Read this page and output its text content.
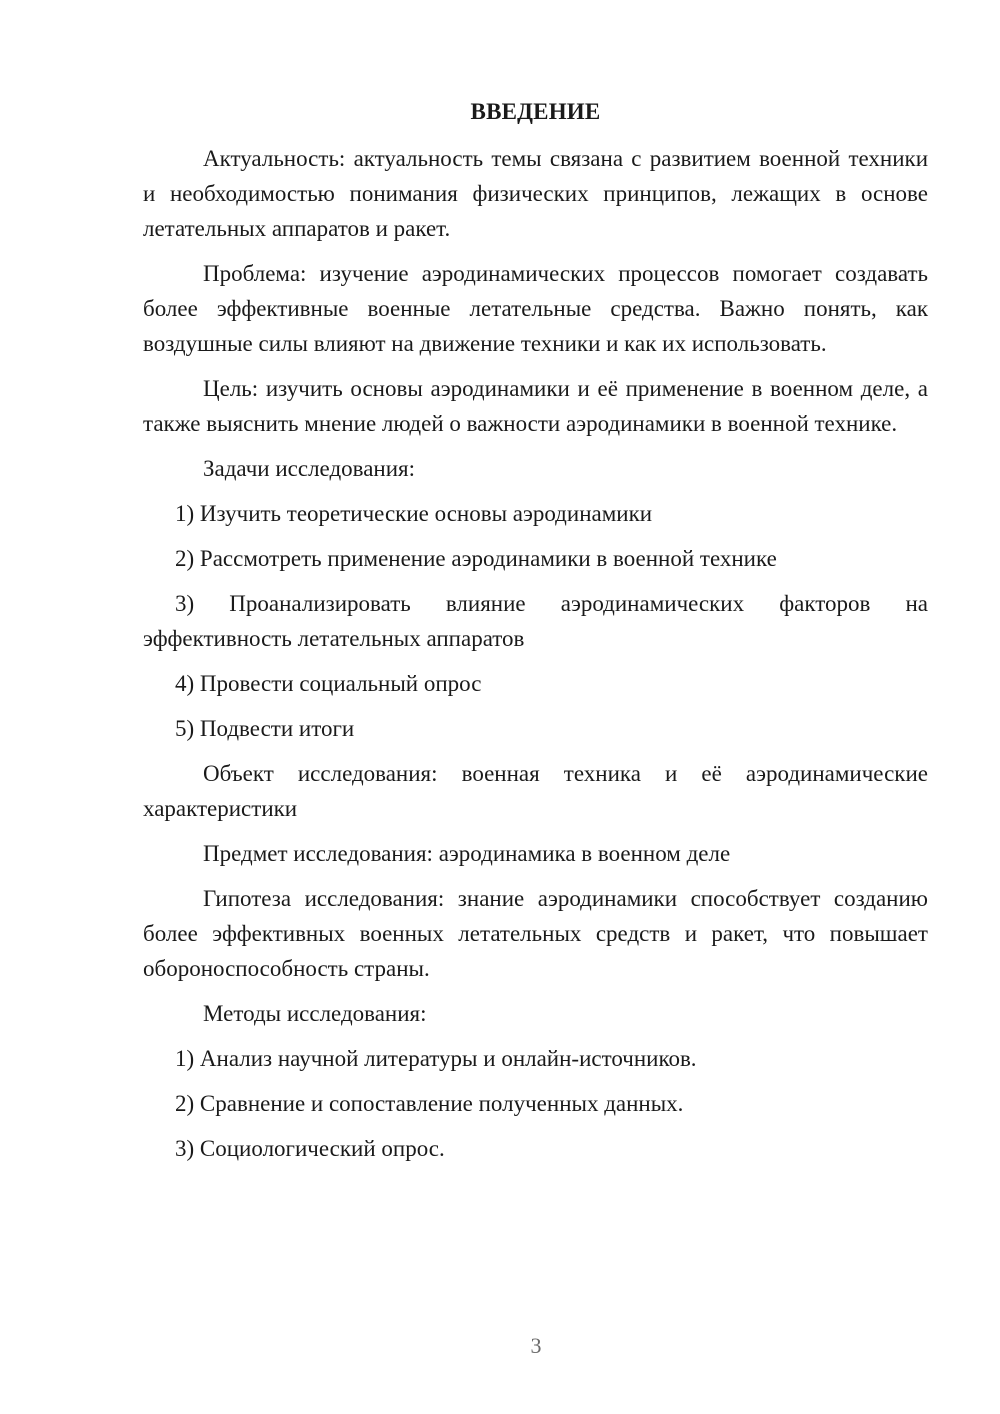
ВВЕДЕНИЕ

Актуальность: актуальность темы связана с развитием военной техники и необходимостью понимания физических принципов, лежащих в основе летательных аппаратов и ракет.

Проблема: изучение аэродинамических процессов помогает создавать более эффективные военные летательные средства. Важно понять, как воздушные силы влияют на движение техники и как их использовать.

Цель: изучить основы аэродинамики и её применение в военном деле, а также выяснить мнение людей о важности аэродинамики в военной технике.

Задачи исследования:

1) Изучить теоретические основы аэродинамики

2) Рассмотреть применение аэродинамики в военной технике

3) Проанализировать влияние аэродинамических факторов на эффективность летательных аппаратов

4) Провести социальный опрос

5) Подвести итоги

Объект исследования: военная техника и её аэродинамические характеристики

Предмет исследования: аэродинамика в военном деле

Гипотеза исследования: знание аэродинамики способствует созданию более эффективных военных летательных средств и ракет, что повышает обороноспособность страны.

Методы исследования:

1) Анализ научной литературы и онлайн-источников.

2) Сравнение и сопоставление полученных данных.

3) Социологический опрос.

3
